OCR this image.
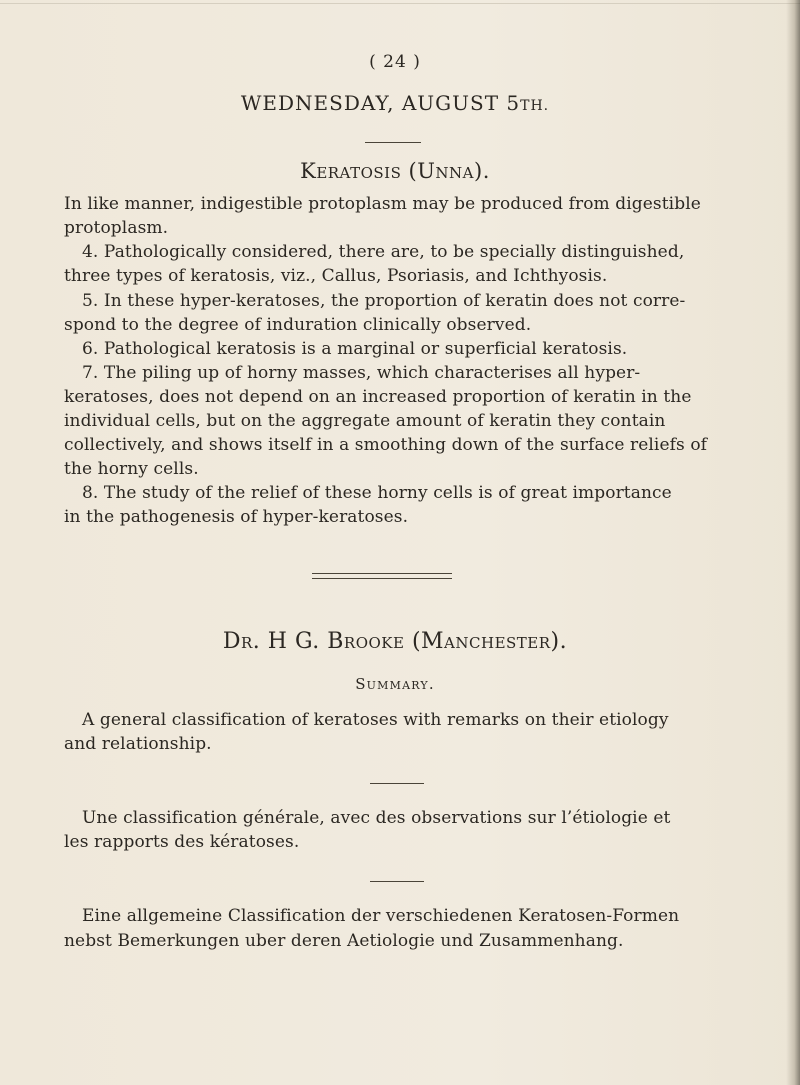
( 24 )
WEDNESDAY, AUGUST 5TH.
Keratosis (Unna).
In like manner, indigestible protoplasm may be produced from digestible
protoplasm.
4. Pathologically considered, there are, to be specially distinguished,
three types of keratosis, viz., Callus, Psoriasis, and Ichthyosis.
5. In these hyper-keratoses, the proportion of keratin does not corre-
spond to the degree of induration clinically observed.
6. Pathological keratosis is a marginal or superficial keratosis.
7. The piling up of horny masses, which characterises all hyper-
keratoses, does not depend on an increased proportion of keratin in the
individual cells, but on the aggregate amount of keratin they contain
collectively, and shows itself in a smoothing down of the surface reliefs of
the horny cells.
8. The study of the relief of these horny cells is of great importance
in the pathogenesis of hyper-keratoses.
Dr. H G. Brooke (Manchester).
Summary.
A general classification of keratoses with remarks on their etiology
and relationship.
Une classification générale, avec des observations sur l’étiologie et
les rapports des kératoses.
Eine allgemeine Classification der verschiedenen Keratosen-Formen
nebst Bemerkungen uber deren Aetiologie und Zusammenhang.
